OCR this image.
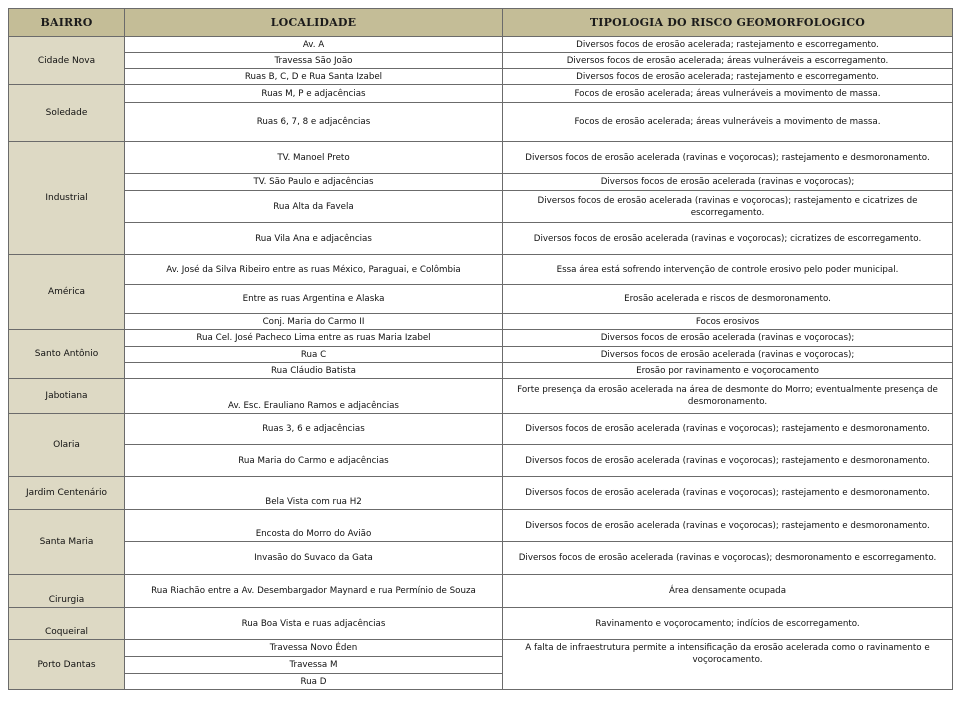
BAIRRO	LOCALIDADE	TIPOLOGIA DO RISCO GEOMORFOLOGICO
Cidade Nova	Av. A	Diversos focos de erosão acelerada; rastejamento e escorregamento.
	Travessa São João	Diversos focos de erosão acelerada; áreas vulneráveis a escorregamento.
	Ruas B, C, D e Rua Santa Izabel	Diversos focos de erosão acelerada; rastejamento e escorregamento.
Soledade	Ruas M, P e adjacências	Focos de erosão acelerada; áreas vulneráveis a movimento de massa.
	Ruas 6, 7, 8 e adjacências	Focos de erosão acelerada; áreas vulneráveis a movimento de massa.
Industrial	TV. Manoel Preto	Diversos focos de erosão acelerada (ravinas e voçorocas); rastejamento e desmoronamento.
	TV. São Paulo e adjacências	Diversos focos de erosão acelerada (ravinas e voçorocas);
	Rua Alta da Favela	Diversos focos de erosão acelerada (ravinas e voçorocas); rastejamento e cicatrizes de escorregamento.
	Rua Vila Ana e adjacências	Diversos focos de erosão acelerada (ravinas e voçorocas); cicratizes de escorregamento.
América	Av. José da Silva Ribeiro entre as ruas México, Paraguai, e Colômbia	Essa área está sofrendo intervenção de controle erosivo pelo poder municipal.
	Entre as ruas Argentina e Alaska	Erosão acelerada e riscos de desmoronamento.
	Conj. Maria do Carmo II	Focos erosivos
Santo Antônio	Rua Cel. José Pacheco Lima entre as ruas Maria Izabel	Diversos focos de erosão acelerada (ravinas e voçorocas);
	Rua C	Diversos focos de erosão acelerada (ravinas e voçorocas);
	Rua Cláudio Batista	Erosão por ravinamento e voçorocamento
Jabotiana	Av. Esc. Erauliano Ramos e adjacências	Forte presença da erosão acelerada na área de desmonte do Morro; eventualmente presença de desmoronamento.
Olaria	Ruas 3, 6 e adjacências	Diversos focos de erosão acelerada (ravinas e voçorocas); rastejamento e desmoronamento.
	Rua Maria do Carmo e adjacências	Diversos focos de erosão acelerada (ravinas e voçorocas); rastejamento e desmoronamento.
Jardim Centenário	Bela Vista com rua H2	Diversos focos de erosão acelerada (ravinas e voçorocas); rastejamento e desmoronamento.
Santa Maria	Encosta do Morro do Avião	Diversos focos de erosão acelerada (ravinas e voçorocas); rastejamento e desmoronamento.
	Invasão do Suvaco da Gata	Diversos focos de erosão acelerada (ravinas e voçorocas); desmoronamento e escorregamento.
Cirurgia	Rua Riachão entre a Av. Desembargador Maynard e rua Permínio de Souza	Área densamente ocupada
Coqueiral	Rua Boa Vista e ruas adjacências	Ravinamento e voçorocamento; indícios de escorregamento.
Porto Dantas	Travessa Novo Éden	A falta de infraestrutura permite a intensificação da erosão acelerada como o ravinamento e voçorocamento.
	Travessa M	
	Rua D	
